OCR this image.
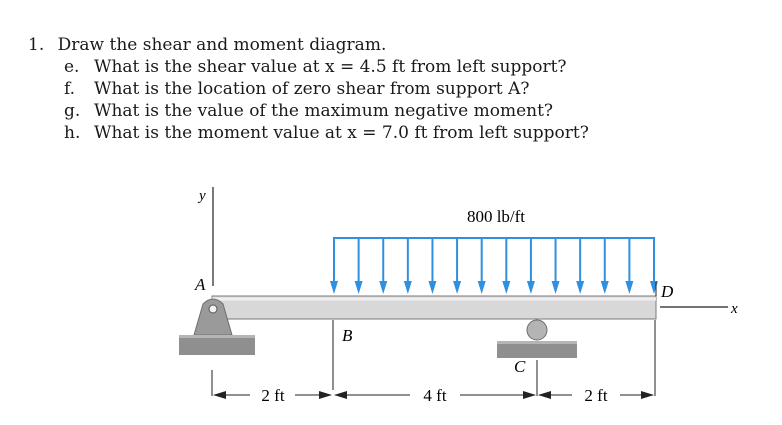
1. Draw the shear and moment diagram.
e. What is the shear value at x = 4.5 ft from left support?
f. What is the location of zero shear from support A?
g. What is the value of the maximum negative moment?
h. What is the moment value at x = 7.0 ft from left support?
y
x
800 lb/ft
A	D
B
C
2 ft	4 ft	2 ft
